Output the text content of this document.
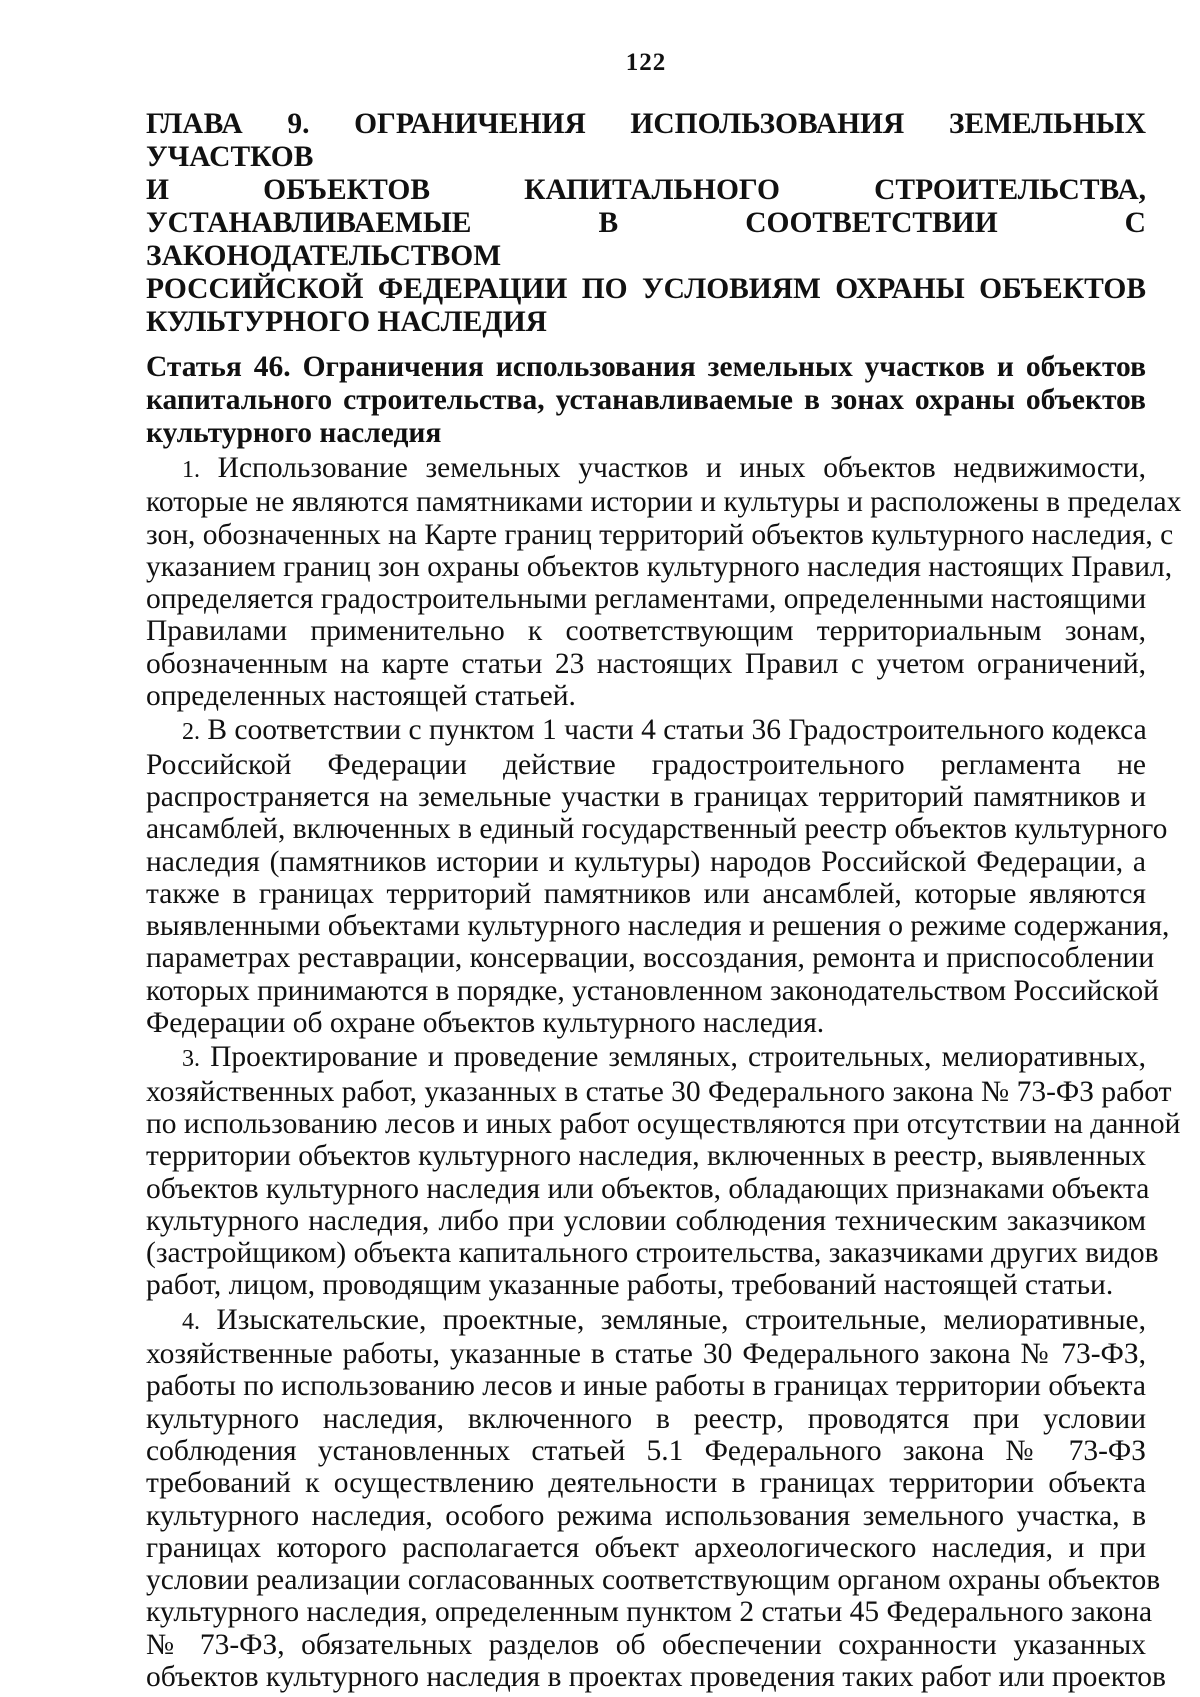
122
ГЛАВА 9. ОГРАНИЧЕНИЯ ИСПОЛЬЗОВАНИЯ ЗЕМЕЛЬНЫХ УЧАСТКОВ
И ОБЪЕКТОВ КАПИТАЛЬНОГО СТРОИТЕЛЬСТВА,
УСТАНАВЛИВАЕМЫЕ В СООТВЕТСТВИИ С ЗАКОНОДАТЕЛЬСТВОМ
РОССИЙСКОЙ ФЕДЕРАЦИИ ПО УСЛОВИЯМ ОХРАНЫ ОБЪЕКТОВ
КУЛЬТУРНОГО НАСЛЕДИЯ
Статья 46. Ограничения использования земельных участков и объектов
капитального строительства, устанавливаемые в зонах охраны объектов
культурного наследия
1. Использование земельных участков и иных объектов недвижимости,
которые не являются памятниками истории и культуры и расположены в пределах
зон, обозначенных на Карте границ территорий объектов культурного наследия, с
указанием границ зон охраны объектов культурного наследия настоящих Правил,
определяется градостроительными регламентами, определенными настоящими
Правилами применительно к соответствующим территориальным зонам,
обозначенным на карте статьи 23 настоящих Правил с учетом ограничений,
определенных настоящей статьей.
2. В соответствии с пунктом 1 части 4 статьи 36 Градостроительного кодекса
Российской Федерации действие градостроительного регламента не
распространяется на земельные участки в границах территорий памятников и
ансамблей, включенных в единый государственный реестр объектов культурного
наследия (памятников истории и культуры) народов Российской Федерации, а
также в границах территорий памятников или ансамблей, которые являются
выявленными объектами культурного наследия и решения о режиме содержания,
параметрах реставрации, консервации, воссоздания, ремонта и приспособлении
которых принимаются в порядке, установленном законодательством Российской
Федерации об охране объектов культурного наследия.
3. Проектирование и проведение земляных, строительных, мелиоративных,
хозяйственных работ, указанных в статье 30 Федерального закона № 73-ФЗ работ
по использованию лесов и иных работ осуществляются при отсутствии на данной
территории объектов культурного наследия, включенных в реестр, выявленных
объектов культурного наследия или объектов, обладающих признаками объекта
культурного наследия, либо при условии соблюдения техническим заказчиком
(застройщиком) объекта капитального строительства, заказчиками других видов
работ, лицом, проводящим указанные работы, требований настоящей статьи.
4. Изыскательские, проектные, земляные, строительные, мелиоративные,
хозяйственные работы, указанные в статье 30 Федерального закона № 73-ФЗ,
работы по использованию лесов и иные работы в границах территории объекта
культурного наследия, включенного в реестр, проводятся при условии
соблюдения установленных статьей 5.1 Федерального закона № 73-ФЗ
требований к осуществлению деятельности в границах территории объекта
культурного наследия, особого режима использования земельного участка, в
границах которого располагается объект археологического наследия, и при
условии реализации согласованных соответствующим органом охраны объектов
культурного наследия, определенным пунктом 2 статьи 45 Федерального закона
№ 73-ФЗ, обязательных разделов об обеспечении сохранности указанных
объектов культурного наследия в проектах проведения таких работ или проектов
